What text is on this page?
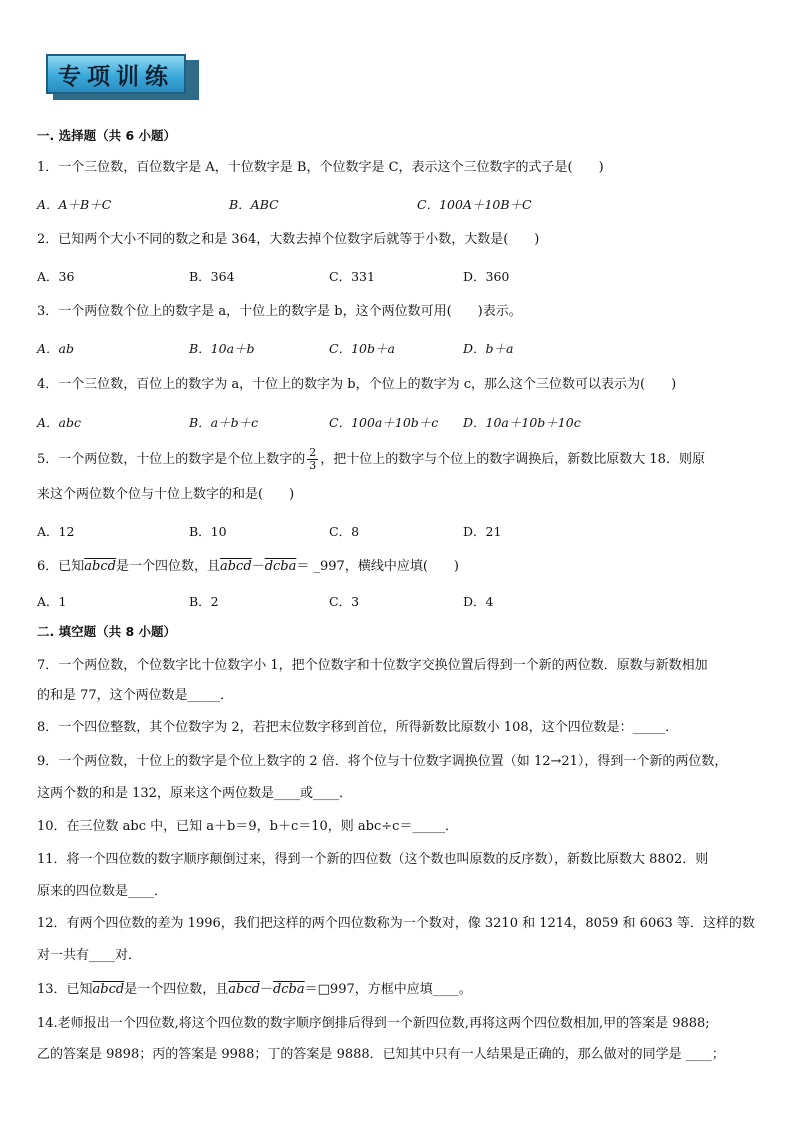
专项训练

一. 选择题（共 6 小题）

1．一个三位数，百位数字是 A，十位数字是 B，个位数字是 C，表示这个三位数字的式子是(　　)

A．A＋B＋C	B．ABC	C．100A＋10B＋C

2．已知两个大小不同的数之和是 364，大数去掉个位数字后就等于小数，大数是(　　)

A．36	B．364	C．331	D．360

3．一个两位数个位上的数字是 a，十位上的数字是 b，这个两位数可用(　　)表示。

A．ab	B．10a＋b	C．10b＋a	D．b＋a

4．一个三位数，百位上的数字为 a，十位上的数字为 b，个位上的数字为 c，那么这个三位数可以表示为(　　)

A．abc	B．a＋b＋c	C．100a＋10b＋c	D．10a＋10b＋10c

5．一个两位数，十位上的数字是个位上数字的 $\frac{2}{3}$ ，把十位上的数字与个位上的数字调换后，新数比原数大 18．则原

来这个两位数个位与十位上数字的和是(　　)

A．12	B．10	C．8	D．21

6．已知abcd是一个四位数，且abcd－dcba＝ _997，横线中应填(　　)

A．1	B．2	C．3	D．4

二. 填空题（共 8 小题）

7．一个两位数，个位数字比十位数字小 1，把个位数字和十位数字交换位置后得到一个新的两位数．原数与新数相加

的和是 77，这个两位数是_____．

8．一个四位整数，其个位数字为 2，若把末位数字移到首位，所得新数比原数小 108，这个四位数是：_____．

9．一个两位数，十位上的数字是个位上数字的 2 倍．将个位与十位数字调换位置（如 12→21），得到一个新的两位数，

这两个数的和是 132，原来这个两位数是____或____．

10．在三位数 abc 中，已知 a＋b＝9，b＋c＝10，则 abc÷c＝_____．

11．将一个四位数的数字顺序颠倒过来，得到一个新的四位数（这个数也叫原数的反序数），新数比原数大 8802．则

原来的四位数是____．

12．有两个四位数的差为 1996，我们把这样的两个四位数称为一个数对，像 3210 和 1214，8059 和 6063 等．这样的数

对一共有____对．

13．已知abcd是一个四位数，且abcd－dcba＝□997，方框中应填____。

14.老师报出一个四位数,将这个四位数的数字顺序倒排后得到一个新四位数,再将这两个四位数相加,甲的答案是 9888;

乙的答案是 9898；丙的答案是 9988；丁的答案是 9888．已知其中只有一人结果是正确的，那么做对的同学是 ____；
